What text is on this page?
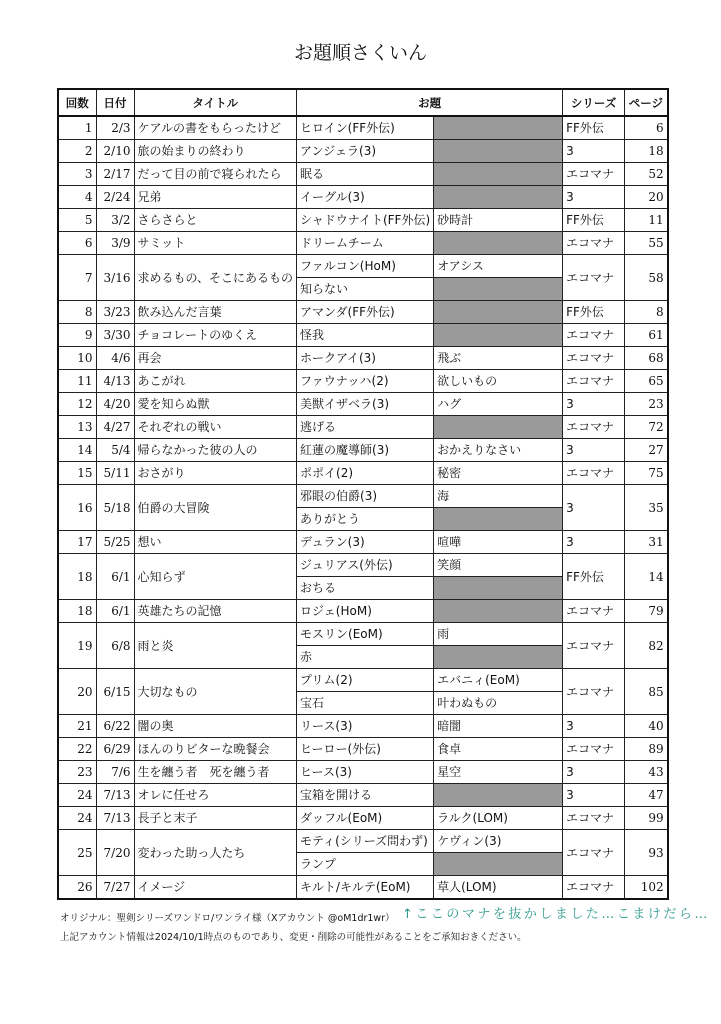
お題順さくいん
回数	日付	タイトル	お題		シリーズ	ページ
1	2/3	ケアルの書をもらったけど	ヒロイン(FF外伝)		FF外伝	6
2	2/10	旅の始まりの終わり	アンジェラ(3)		3	18
3	2/17	だって目の前で寝られたら	眠る		エコマナ	52
4	2/24	兄弟	イーグル(3)		3	20
5	3/2	さらさらと	シャドウナイト(FF外伝)	砂時計	FF外伝	11
6	3/9	サミット	ドリームチーム		エコマナ	55
7	3/16	求めるもの、そこにあるもの	ファルコン(HoM)	オアシス	エコマナ	58
			知らない			
8	3/23	飲み込んだ言葉	アマンダ(FF外伝)		FF外伝	8
9	3/30	チョコレートのゆくえ	怪我		エコマナ	61
10	4/6	再会	ホークアイ(3)	飛ぶ	エコマナ	68
11	4/13	あこがれ	ファウナッハ(2)	欲しいもの	エコマナ	65
12	4/20	愛を知らぬ獣	美獣イザベラ(3)	ハグ	3	23
13	4/27	それぞれの戦い	逃げる		エコマナ	72
14	5/4	帰らなかった彼の人の	紅蓮の魔導師(3)	おかえりなさい	3	27
15	5/11	おさがり	ポポイ(2)	秘密	エコマナ	75
16	5/18	伯爵の大冒険	邪眼の伯爵(3)	海	3	35
			ありがとう			
17	5/25	想い	デュラン(3)	喧嘩	3	31
18	6/1	心知らず	ジュリアス(外伝)	笑顔	FF外伝	14
			おちる			
18	6/1	英雄たちの記憶	ロジェ(HoM)		エコマナ	79
19	6/8	雨と炎	モスリン(EoM)	雨	エコマナ	82
			赤			
20	6/15	大切なもの	プリム(2)	エバニィ(EoM)	エコマナ	85
			宝石	叶わぬもの		
21	6/22	闇の奥	リース(3)	暗闇	3	40
22	6/29	ほんのりビターな晩餐会	ヒーロー(外伝)	食卓	エコマナ	89
23	7/6	生を纏う者　死を纏う者	ヒース(3)	星空	3	43
24	7/13	オレに任せろ	宝箱を開ける		3	47
24	7/13	長子と末子	ダッフル(EoM)	ラルク(LOM)	エコマナ	99
25	7/20	変わった助っ人たち	モティ(シリーズ問わず)	ケヴィン(3)	エコマナ	93
			ランプ			
26	7/27	イメージ	キルト/キルテ(EoM)	草人(LOM)	エコマナ	102
オリジナル：聖剣シリーズワンドロ/ワンライ様（Xアカウント @oM1dr1wr）
上記アカウント情報は2024/10/1時点のものであり、変更・削除の可能性があることをご承知おきください。
↑ここのマナを抜かしました…こまけだら…
